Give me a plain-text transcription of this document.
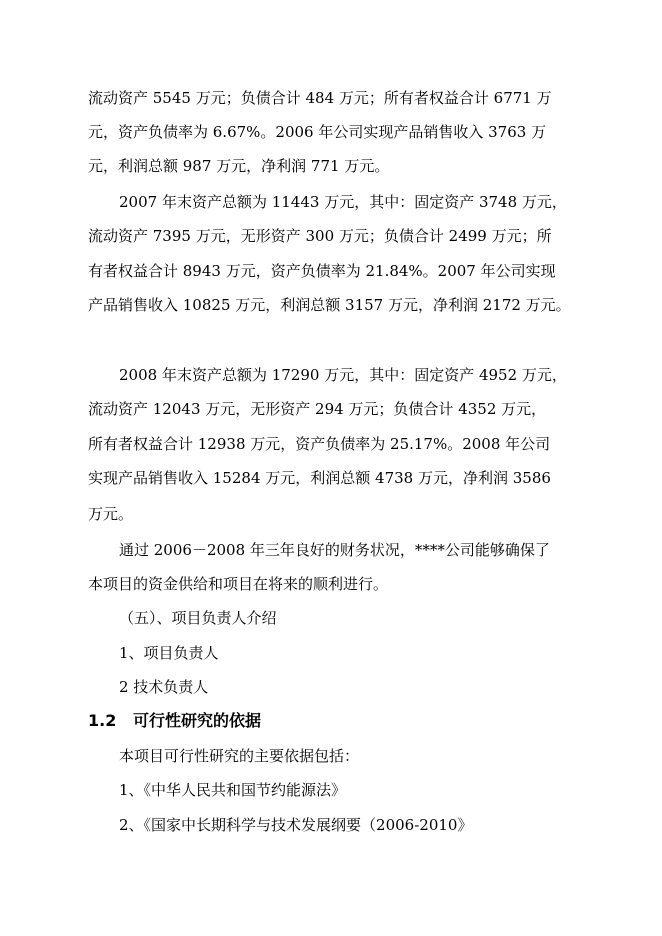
流动资产 5545 万元；负债合计 484 万元；所有者权益合计 6771 万
元，资产负债率为 6.67%。2006 年公司实现产品销售收入 3763 万
元，利润总额 987 万元，净利润 771 万元。
2007 年末资产总额为 11443 万元，其中：固定资产 3748 万元，
流动资产 7395 万元，无形资产 300 万元；负债合计 2499 万元；所
有者权益合计 8943 万元，资产负债率为 21.84%。2007 年公司实现
产品销售收入 10825 万元，利润总额 3157 万元，净利润 2172 万元。
2008 年末资产总额为 17290 万元，其中：固定资产 4952 万元，
流动资产 12043 万元，无形资产 294 万元；负债合计 4352 万元，
所有者权益合计 12938 万元，资产负债率为 25.17%。2008 年公司
实现产品销售收入 15284 万元，利润总额 4738 万元，净利润 3586
万元。
通过 2006－2008 年三年良好的财务状况，****公司能够确保了
本项目的资金供给和项目在将来的顺利进行。
（五）、项目负责人介绍
1、项目负责人
2 技术负责人
1.2   可行性研究的依据
本项目可行性研究的主要依据包括：
1、《中华人民共和国节约能源法》
2、《国家中长期科学与技术发展纲要（2006-2010》
